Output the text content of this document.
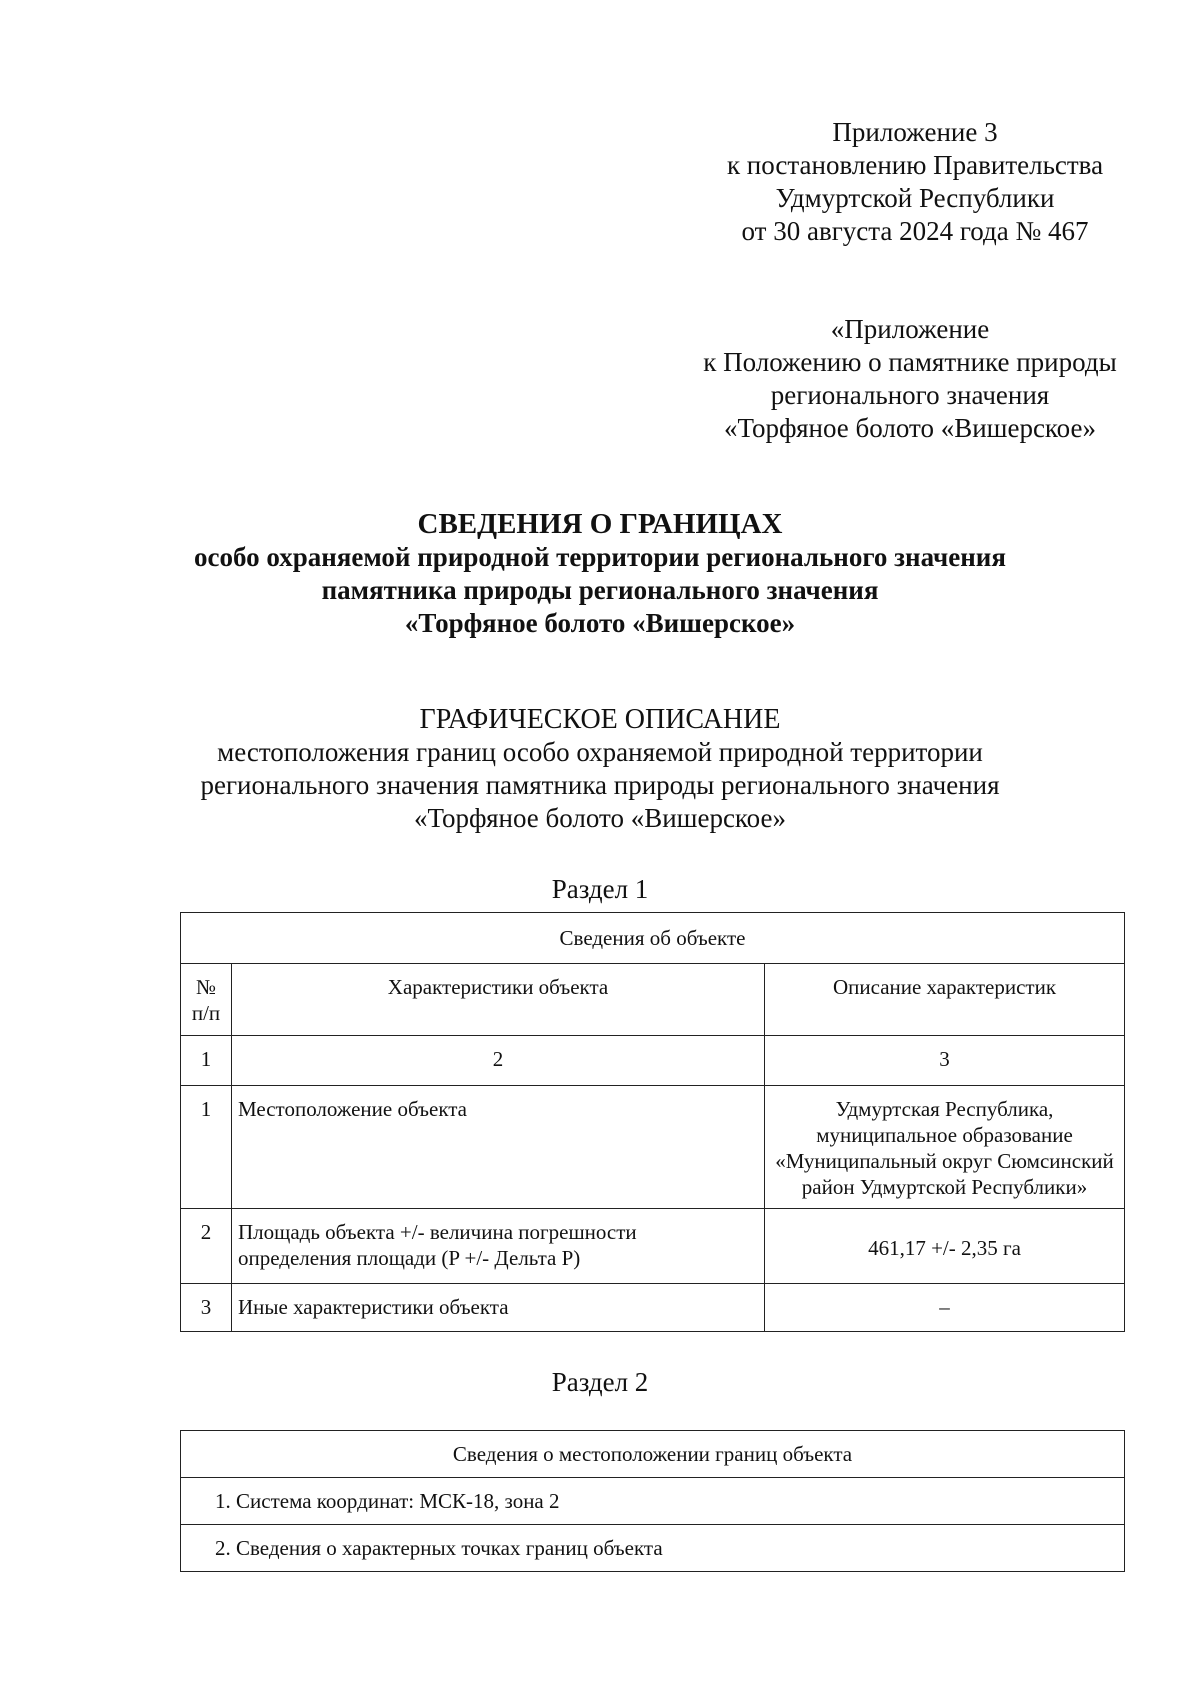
Приложение 3
к постановлению Правительства
Удмуртской Республики
от 30 августа 2024 года № 467
«Приложение
к Положению о памятнике природы
регионального значения
«Торфяное болото «Вишерское»
СВЕДЕНИЯ О ГРАНИЦАХ
особо охраняемой природной территории регионального значения
памятника природы регионального значения
«Торфяное болото «Вишерское»
ГРАФИЧЕСКОЕ ОПИСАНИЕ
местоположения границ особо охраняемой природной территории
регионального значения памятника природы регионального значения
«Торфяное болото «Вишерское»
Раздел 1
Сведения об объекте		

№
п/п	Характеристики объекта	Описание характеристик
1	2	3
1	Местоположение объекта	Удмуртская Республика,
муниципальное образование
«Муниципальный округ Сюмсинский
район Удмуртской Республики»

2	Площадь объекта +/- величина погрешности
определения площади (P +/- Дельта P)	461,17 +/- 2,35 га
3	Иные характеристики объекта	–
Раздел 2
Сведения о местоположении границ объекта
1. Система координат: МСК-18, зона 2
2. Сведения о характерных точках границ объекта
